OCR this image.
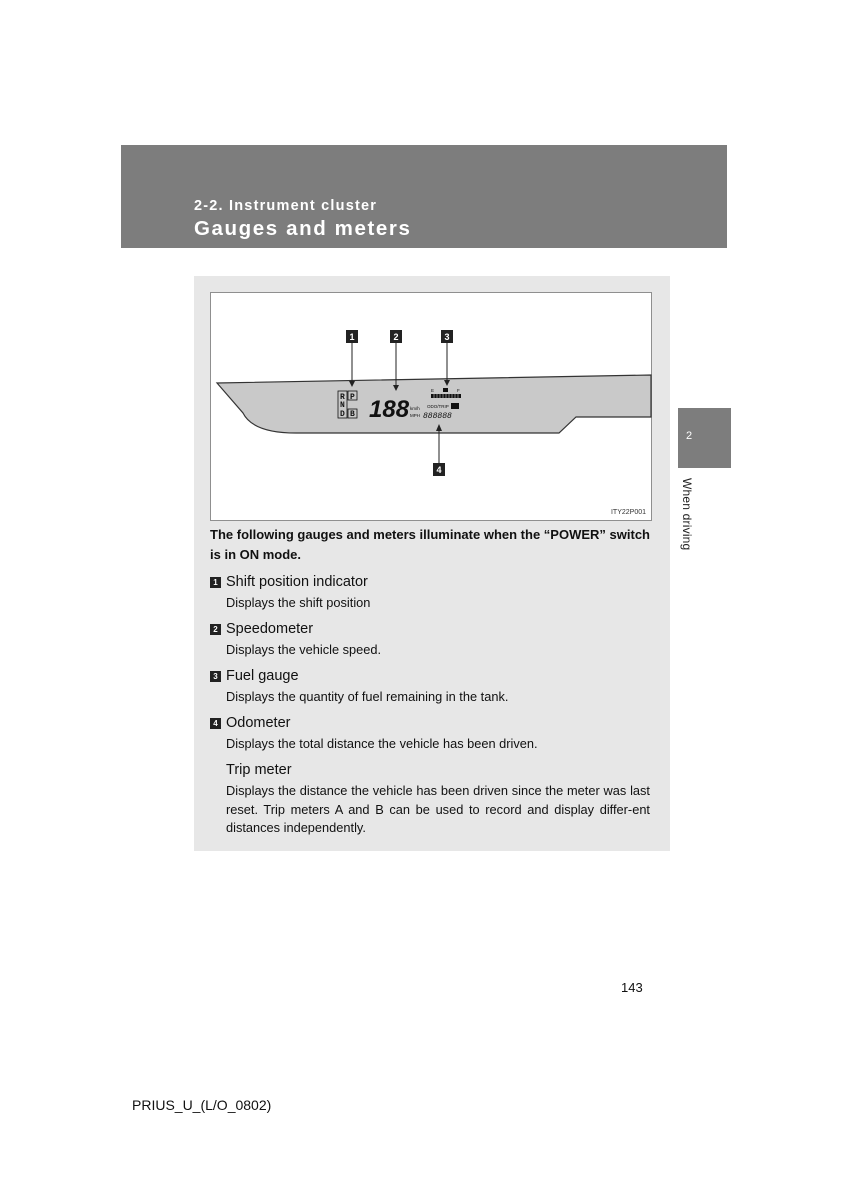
2-2. Instrument cluster
Gauges and meters
2
When driving
1	2	3
4
R P
N
D B 188 km/h
MPH
E	F
ODO/TRIP
888888
ITY22P001
The following gauges and meters illuminate when the “POWER” switch is in ON mode.
1 Shift position indicator
Displays the shift position
2 Speedometer
Displays the vehicle speed.
3 Fuel gauge
Displays the quantity of fuel remaining in the tank.
4 Odometer
Displays the total distance the vehicle has been driven.
Trip meter
Displays the distance the vehicle has been driven since the meter was last reset. Trip meters A and B can be used to record and display differ-ent distances independently.
143
PRIUS_U_(L/O_0802)
